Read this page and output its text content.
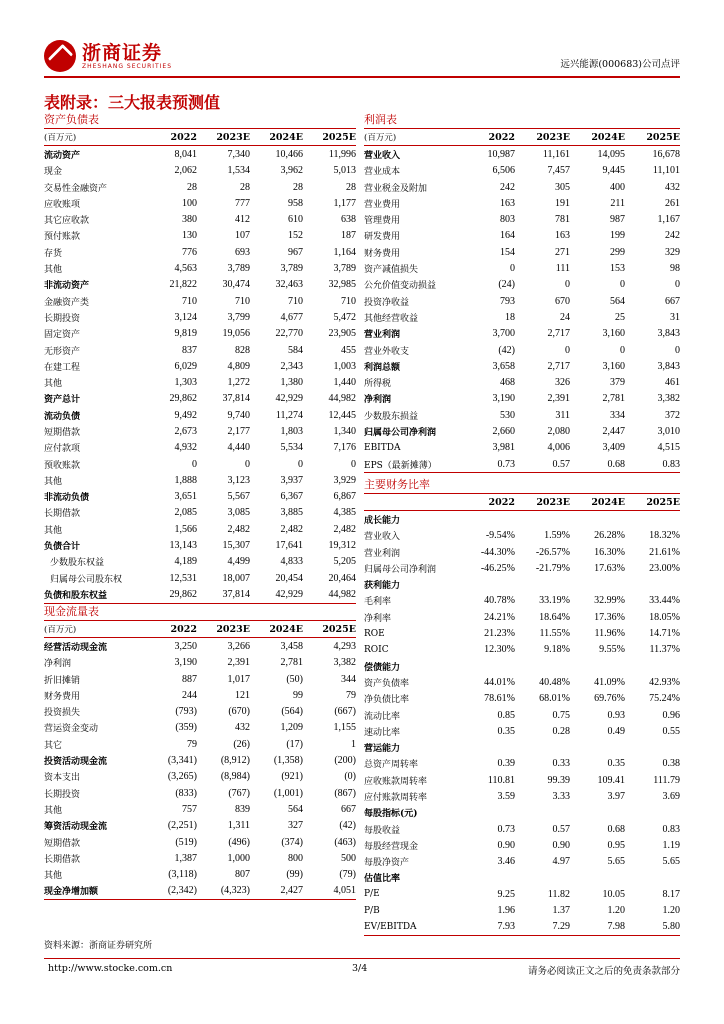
浙商证券
ZHESHANG SECURITIES	远兴能源(000683)公司点评
表附录：三大报表预测值
资产负债表
(百万元)	2022	2023E	2024E	2025E
流动资产	8,041	7,340	10,466	11,996
现金	2,062	1,534	3,962	5,013
交易性金融资产	28	28	28	28
应收账项	100	777	958	1,177
其它应收款	380	412	610	638
预付账款	130	107	152	187
存货	776	693	967	1,164
其他	4,563	3,789	3,789	3,789
非流动资产	21,822	30,474	32,463	32,985
金融资产类	710	710	710	710
长期投资	3,124	3,799	4,677	5,472
固定资产	9,819	19,056	22,770	23,905
无形资产	837	828	584	455
在建工程	6,029	4,809	2,343	1,003
其他	1,303	1,272	1,380	1,440
资产总计	29,862	37,814	42,929	44,982
流动负债	9,492	9,740	11,274	12,445
短期借款	2,673	2,177	1,803	1,340
应付款项	4,932	4,440	5,534	7,176
预收账款	0	0	0	0
其他	1,888	3,123	3,937	3,929
非流动负债	3,651	5,567	6,367	6,867
长期借款	2,085	3,085	3,885	4,385
其他	1,566	2,482	2,482	2,482
负债合计	13,143	15,307	17,641	19,312
少数股东权益	4,189	4,499	4,833	5,205
归属母公司股东权	12,531	18,007	20,454	20,464
负债和股东权益	29,862	37,814	42,929	44,982
现金流量表
(百万元)	2022	2023E	2024E	2025E
经营活动现金流	3,250	3,266	3,458	4,293
净利润	3,190	2,391	2,781	3,382
折旧摊销	887	1,017	(50)	344
财务费用	244	121	99	79
投资损失	(793)	(670)	(564)	(667)
营运资金变动	(359)	432	1,209	1,155
其它	79	(26)	(17)	1
投资活动现金流	(3,341)	(8,912)	(1,358)	(200)
资本支出	(3,265)	(8,984)	(921)	(0)
长期投资	(833)	(767)	(1,001)	(867)
其他	757	839	564	667
筹资活动现金流	(2,251)	1,311	327	(42)
短期借款	(519)	(496)	(374)	(463)
长期借款	1,387	1,000	800	500
其他	(3,118)	807	(99)	(79)
现金净增加额	(2,342)	(4,323)	2,427	4,051
利润表
(百万元)	2022	2023E	2024E	2025E
营业收入	10,987	11,161	14,095	16,678
营业成本	6,506	7,457	9,445	11,101
营业税金及附加	242	305	400	432
营业费用	163	191	211	261
管理费用	803	781	987	1,167
研发费用	164	163	199	242
财务费用	154	271	299	329
资产减值损失	0	111	153	98
公允价值变动损益	(24)	0	0	0
投资净收益	793	670	564	667
其他经营收益	18	24	25	31
营业利润	3,700	2,717	3,160	3,843
营业外收支	(42)	0	0	0
利润总额	3,658	2,717	3,160	3,843
所得税	468	326	379	461
净利润	3,190	2,391	2,781	3,382
少数股东损益	530	311	334	372
归属母公司净利润	2,660	2,080	2,447	3,010
EBITDA	3,981	4,006	3,409	4,515
EPS（最新摊薄）	0.73	0.57	0.68	0.83
主要财务比率
	2022	2023E	2024E	2025E
成长能力				
营业收入	-9.54%	1.59%	26.28%	18.32%
营业利润	-44.30%	-26.57%	16.30%	21.61%
归属母公司净利润	-46.25%	-21.79%	17.63%	23.00%
获利能力				
毛利率	40.78%	33.19%	32.99%	33.44%
净利率	24.21%	18.64%	17.36%	18.05%
ROE	21.23%	11.55%	11.96%	14.71%
ROIC	12.30%	9.18%	9.55%	11.37%
偿债能力				
资产负债率	44.01%	40.48%	41.09%	42.93%
净负债比率	78.61%	68.01%	69.76%	75.24%
流动比率	0.85	0.75	0.93	0.96
速动比率	0.35	0.28	0.49	0.55
营运能力				
总资产周转率	0.39	0.33	0.35	0.38
应收账款周转率	110.81	99.39	109.41	111.79
应付账款周转率	3.59	3.33	3.97	3.69
每股指标(元)				
每股收益	0.73	0.57	0.68	0.83
每股经营现金	0.90	0.90	0.95	1.19
每股净资产	3.46	4.97	5.65	5.65
估值比率				
P/E	9.25	11.82	10.05	8.17
P/B	1.96	1.37	1.20	1.20
EV/EBITDA	7.93	7.29	7.98	5.80
资料来源：浙商证券研究所
http://www.stocke.com.cn	3/4	请务必阅读正文之后的免责条款部分
